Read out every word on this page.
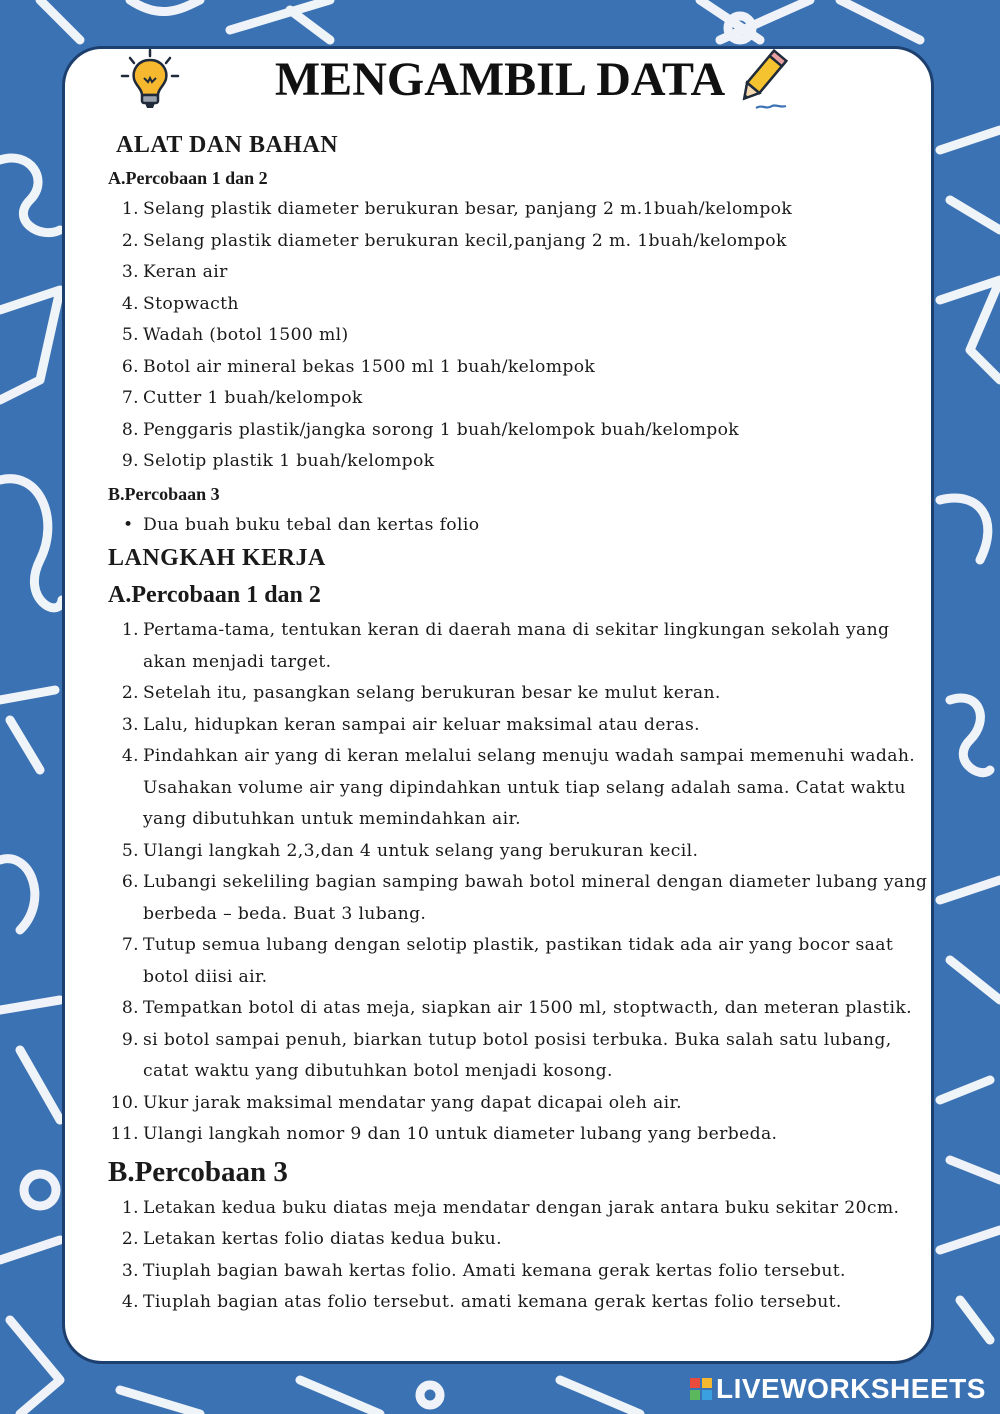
MENGAMBIL DATA
ALAT DAN BAHAN
A.Percobaan 1 dan 2
1. Selang plastik diameter berukuran besar, panjang 2 m.1buah/kelompok
2. Selang plastik diameter berukuran kecil,panjang 2 m. 1buah/kelompok
3. Keran air
4. Stopwacth
5. Wadah (botol 1500 ml)
6. Botol air mineral bekas 1500 ml 1 buah/kelompok
7. Cutter 1 buah/kelompok
8. Penggaris plastik/jangka sorong 1 buah/kelompok buah/kelompok
9. Selotip plastik 1 buah/kelompok
B.Percobaan 3
• Dua buah buku tebal dan kertas folio
LANGKAH KERJA
A.Percobaan 1 dan 2
1. Pertama-tama, tentukan keran di daerah mana di sekitar lingkungan sekolah yang akan menjadi target.
2. Setelah itu, pasangkan selang berukuran besar ke mulut keran.
3. Lalu, hidupkan keran sampai air keluar maksimal atau deras.
4. Pindahkan air yang di keran melalui selang menuju wadah sampai memenuhi wadah. Usahakan volume air yang dipindahkan untuk tiap selang adalah sama. Catat waktu yang dibutuhkan untuk memindahkan air.
5. Ulangi langkah 2,3,dan 4 untuk selang yang berukuran kecil.
6. Lubangi sekeliling bagian samping bawah botol mineral dengan diameter lubang yang berbeda – beda. Buat 3 lubang.
7. Tutup semua lubang dengan selotip plastik, pastikan tidak ada air yang bocor saat botol diisi air.
8. Tempatkan botol di atas meja, siapkan air 1500 ml, stoptwacth, dan meteran plastik.
9. si botol sampai penuh, biarkan tutup botol posisi terbuka. Buka salah satu lubang, catat waktu yang dibutuhkan botol menjadi kosong.
10. Ukur jarak maksimal mendatar yang dapat dicapai oleh air.
11. Ulangi langkah nomor 9 dan 10 untuk diameter lubang yang berbeda.
B.Percobaan 3
1. Letakan kedua buku diatas meja mendatar dengan jarak antara buku sekitar 20cm.
2. Letakan kertas folio diatas kedua buku.
3. Tiuplah bagian bawah kertas folio. Amati kemana gerak kertas folio tersebut.
4. Tiuplah bagian atas folio tersebut. amati kemana gerak kertas folio tersebut.
LIVEWORKSHEETS
